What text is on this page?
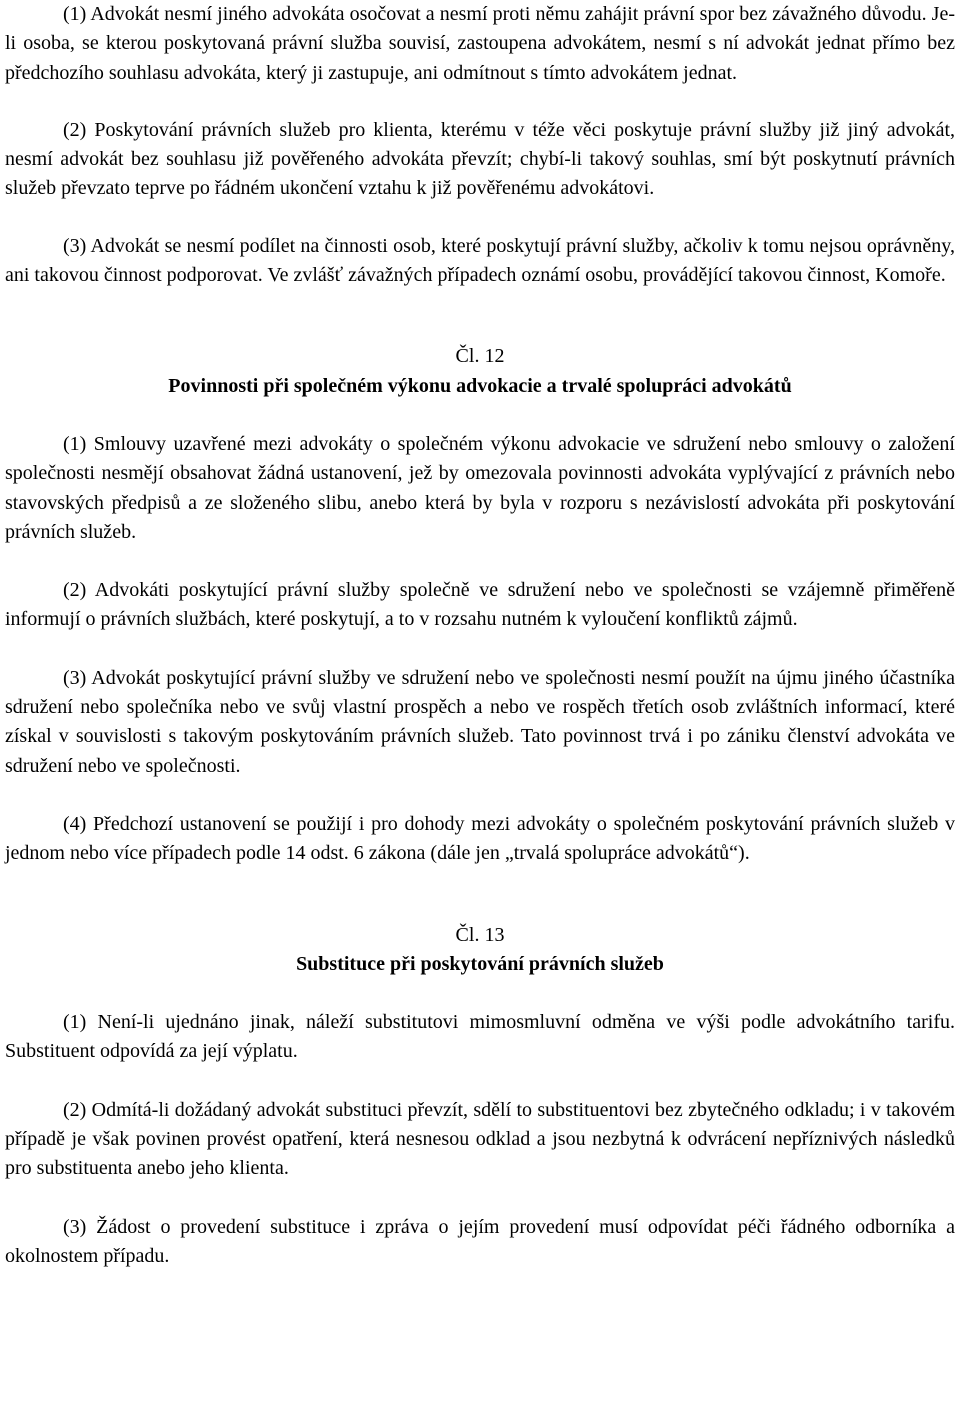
(1) Advokát nesmí jiného advokáta osočovat a nesmí proti němu zahájit právní spor bez závažného důvodu. Je-li osoba, se kterou poskytovaná právní služba souvisí, zastoupena advokátem, nesmí s ní advokát jednat přímo bez předchozího souhlasu advokáta, který ji zastupuje, ani odmítnout s tímto advokátem jednat.

(2) Poskytování právních služeb pro klienta, kterému v téže věci poskytuje právní služby již jiný advokát, nesmí advokát bez souhlasu již pověřeného advokáta převzít; chybí-li takový souhlas, smí být poskytnutí právních služeb převzato teprve po řádném ukončení vztahu k již pověřenému advokátovi.

(3) Advokát se nesmí podílet na činnosti osob, které poskytují právní služby, ačkoliv k tomu nejsou oprávněny, ani takovou činnost podporovat. Ve zvlášť závažných případech oznámí osobu, provádějící takovou činnost, Komoře.

Čl. 12

Povinnosti při společném výkonu advokacie a trvalé spolupráci advokátů

(1) Smlouvy uzavřené mezi advokáty o společném výkonu advokacie ve sdružení nebo smlouvy o založení společnosti nesmějí obsahovat žádná ustanovení, jež by omezovala povinnosti advokáta vyplývající z právních nebo stavovských předpisů a ze složeného slibu, anebo která by byla v rozporu s nezávislostí advokáta při poskytování právních služeb.

(2) Advokáti poskytující právní služby společně ve sdružení nebo ve společnosti se vzájemně přiměřeně informují o právních službách, které poskytují, a to v rozsahu nutném k vyloučení konfliktů zájmů.

(3) Advokát poskytující právní služby ve sdružení nebo ve společnosti nesmí použít na újmu jiného účastníka sdružení nebo společníka nebo ve svůj vlastní prospěch a nebo ve rospěch třetích osob zvláštních informací, které získal v souvislosti s takovým poskytováním právních služeb. Tato povinnost trvá i po zániku členství advokáta ve sdružení nebo ve společnosti.

(4) Předchozí ustanovení se použijí i pro dohody mezi advokáty o společném poskytování právních služeb v jednom nebo více případech podle 14 odst. 6 zákona (dále jen „trvalá spolupráce advokátů“).

Čl. 13

Substituce při poskytování právních služeb

(1) Není-li ujednáno jinak, náleží substitutovi mimosmluvní odměna ve výši podle advokátního tarifu. Substituent odpovídá za její výplatu.

(2) Odmítá-li dožádaný advokát substituci převzít, sdělí to substituentovi bez zbytečného odkladu; i v takovém případě je však povinen provést opatření, která nesnesou odklad a jsou nezbytná k odvrácení nepříznivých následků pro substituenta anebo jeho klienta.

(3) Žádost o provedení substituce i zpráva o jejím provedení musí odpovídat péči řádného odborníka a okolnostem případu.
